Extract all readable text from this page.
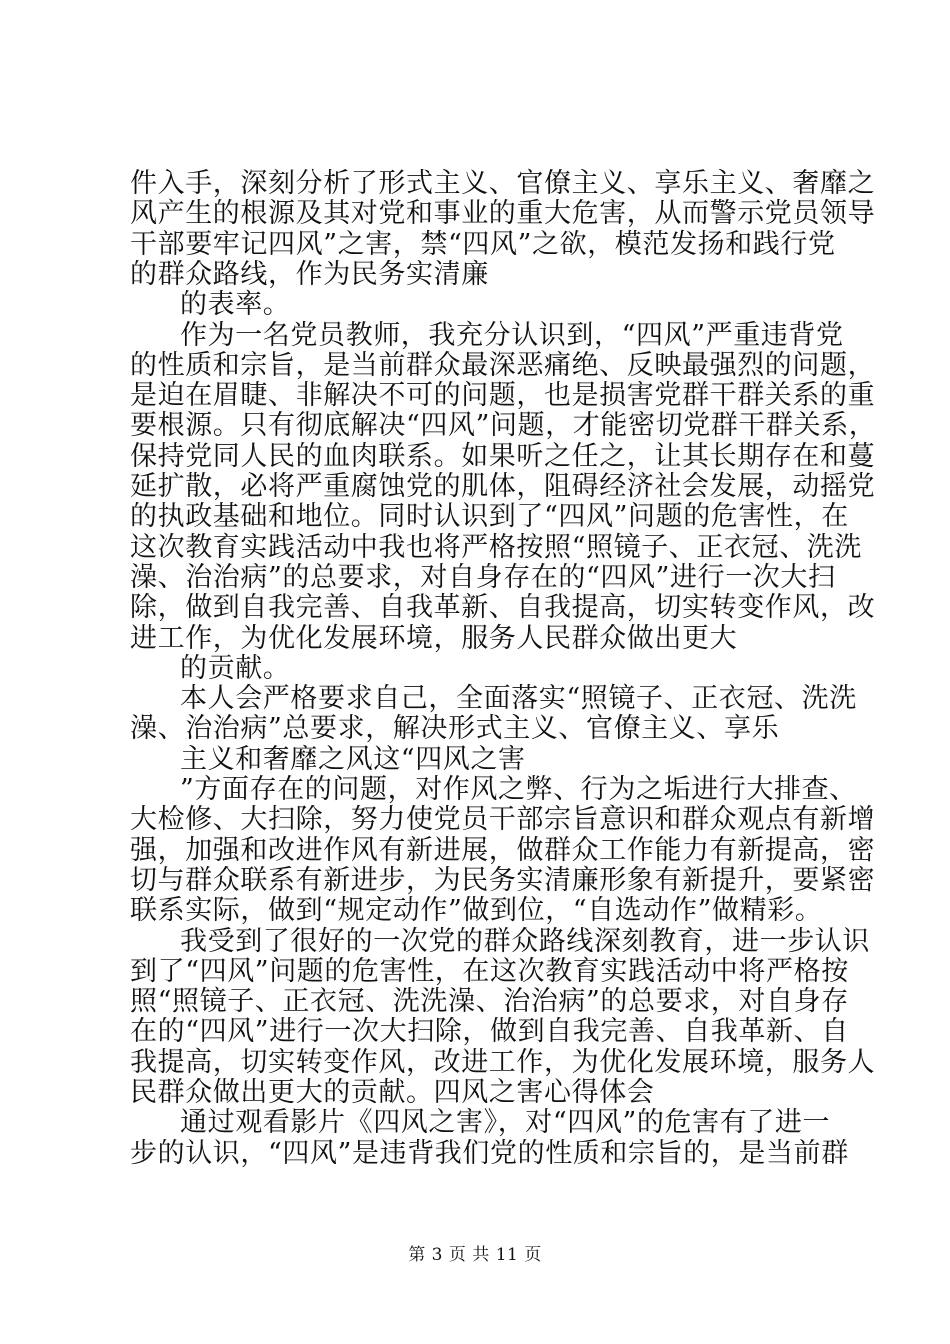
件入手，深刻分析了形式主义、官僚主义、享乐主义、奢靡之
风产生的根源及其对党和事业的重大危害，从而警示党员领导
干部要牢记四风”之害，禁“四风”之欲，模范发扬和践行党
的群众路线，作为民务实清廉
的表率。
作为一名党员教师，我充分认识到，“四风”严重违背党
的性质和宗旨，是当前群众最深恶痛绝、反映最强烈的问题，
是迫在眉睫、非解决不可的问题，也是损害党群干群关系的重
要根源。只有彻底解决“四风”问题，才能密切党群干群关系，
保持党同人民的血肉联系。如果听之任之，让其长期存在和蔓
延扩散，必将严重腐蚀党的肌体，阻碍经济社会发展，动摇党
的执政基础和地位。同时认识到了“四风”问题的危害性，在
这次教育实践活动中我也将严格按照“照镜子、正衣冠、洗洗
澡、治治病”的总要求，对自身存在的“四风”进行一次大扫
除，做到自我完善、自我革新、自我提高，切实转变作风，改
进工作，为优化发展环境，服务人民群众做出更大
的贡献。
本人会严格要求自己，全面落实“照镜子、正衣冠、洗洗
澡、治治病”总要求，解决形式主义、官僚主义、享乐
主义和奢靡之风这“四风之害
”方面存在的问题，对作风之弊、行为之垢进行大排查、
大检修、大扫除，努力使党员干部宗旨意识和群众观点有新增
强，加强和改进作风有新进展，做群众工作能力有新提高，密
切与群众联系有新进步，为民务实清廉形象有新提升，要紧密
联系实际，做到“规定动作”做到位，“自选动作”做精彩。
我受到了很好的一次党的群众路线深刻教育，进一步认识
到了“四风”问题的危害性，在这次教育实践活动中将严格按
照“照镜子、正衣冠、洗洗澡、治治病”的总要求，对自身存
在的“四风”进行一次大扫除，做到自我完善、自我革新、自
我提高，切实转变作风，改进工作，为优化发展环境，服务人
民群众做出更大的贡献。四风之害心得体会
通过观看影片《四风之害》，对“四风”的危害有了进一
步的认识，“四风”是违背我们党的性质和宗旨的，是当前群
第 3 页 共 11 页
